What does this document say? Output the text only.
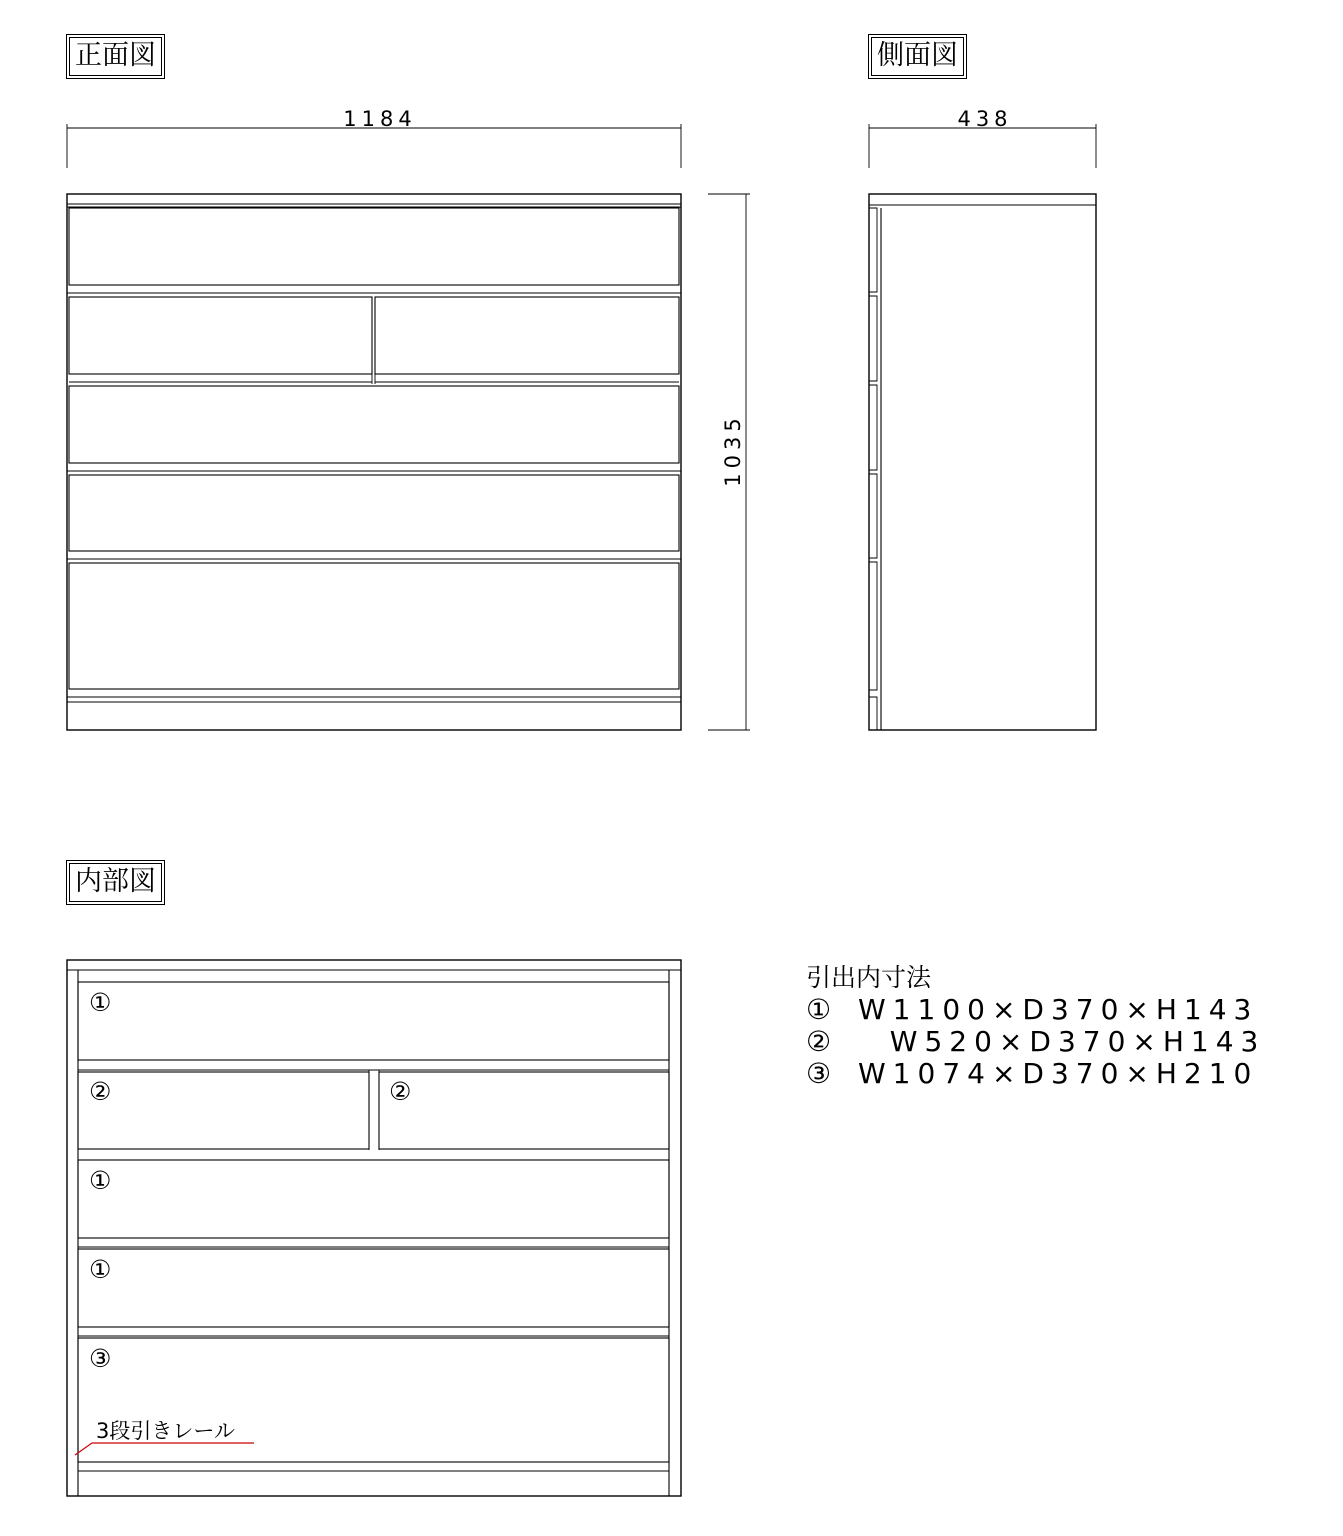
正面図	側面図
内部図
1184
1035
438
①
②	②
①
①
③
3段引きレール
引出内寸法
① W1100×D370×H143
②  W520×D370×H143
③ W1074×D370×H210
